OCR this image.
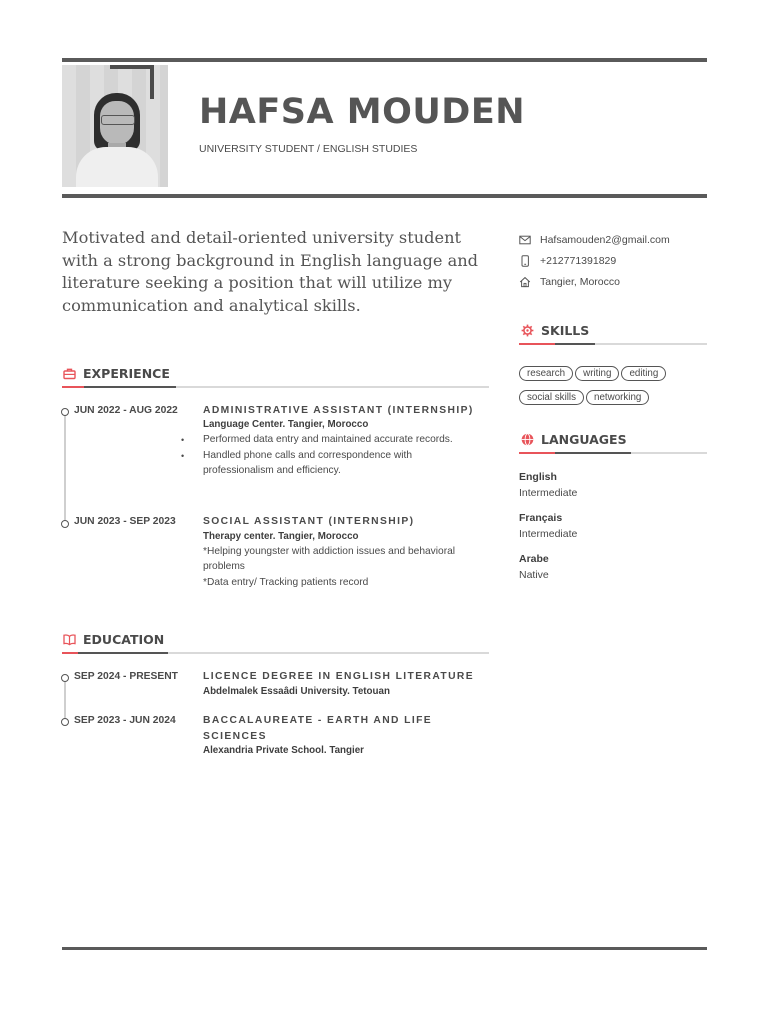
HAFSA MOUDEN
UNIVERSITY STUDENT / ENGLISH STUDIES
Motivated and detail-oriented university student with a strong background in English language and literature seeking a position that will utilize my communication and analytical skills.
Hafsamouden2@gmail.com
+212771391829
Tangier, Morocco
SKILLS
research writing editing
social skills networking
LANGUAGES
English
Intermediate
Français
Intermediate
Arabe
Native
EXPERIENCE
JUN 2022 - AUG 2022 ADMINISTRATIVE ASSISTANT (INTERNSHIP)
Language Center. Tangier, Morocco
• Performed data entry and maintained accurate records.
• Handled phone calls and correspondence with professionalism and efficiency.
JUN 2023 - SEP 2023	SOCIAL ASSISTANT (INTERNSHIP)
Therapy center. Tangier, Morocco
*Helping youngster with addiction issues and behavioral problems
*Data entry/ Tracking patients record
EDUCATION
SEP 2024 - PRESENT LICENCE DEGREE IN ENGLISH LITERATURE
Abdelmalek Essaâdi University. Tetouan
SEP 2023 - JUN 2024	BACCALAUREATE - EARTH AND LIFE SCIENCES
Alexandria Private School. Tangier
